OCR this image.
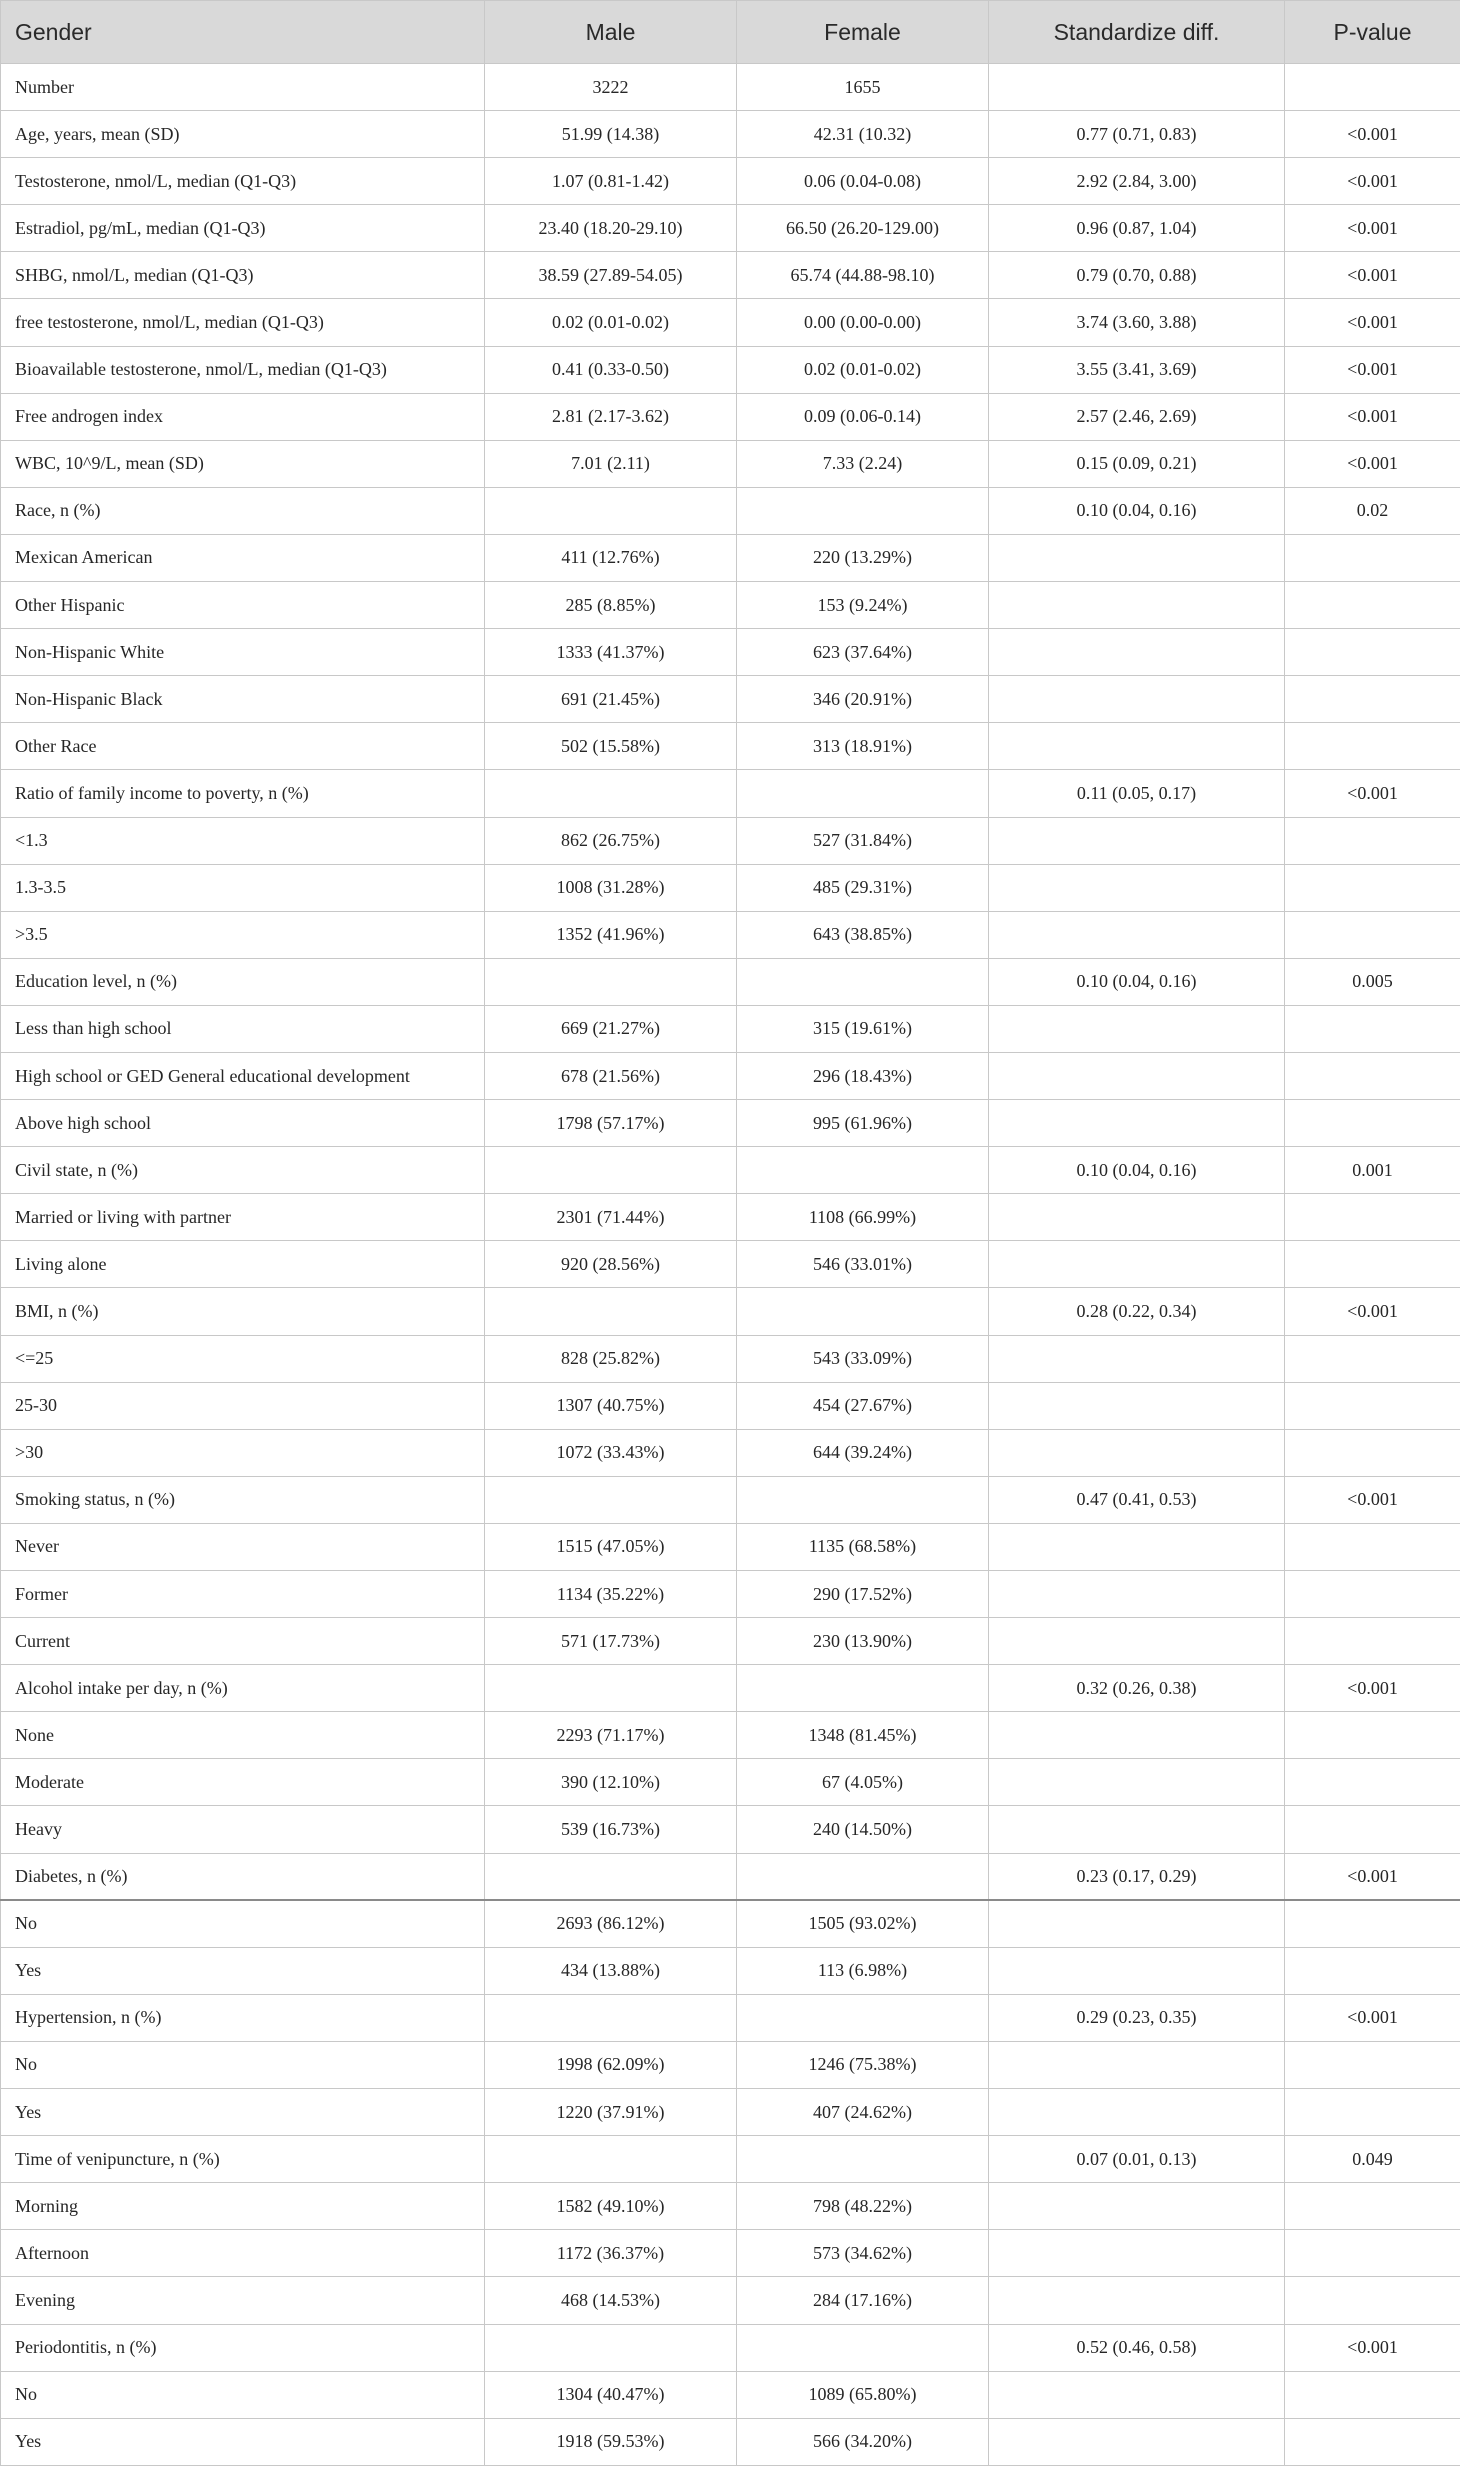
Gender	Male	Female	Standardize diff.	P-value
Number	3222	1655		
Age, years, mean (SD)	51.99 (14.38)	42.31 (10.32)	0.77 (0.71, 0.83)	<0.001
Testosterone, nmol/L, median (Q1-Q3)	1.07 (0.81-1.42)	0.06 (0.04-0.08)	2.92 (2.84, 3.00)	<0.001
Estradiol, pg/mL, median (Q1-Q3)	23.40 (18.20-29.10)	66.50 (26.20-129.00)	0.96 (0.87, 1.04)	<0.001
SHBG, nmol/L, median (Q1-Q3)	38.59 (27.89-54.05)	65.74 (44.88-98.10)	0.79 (0.70, 0.88)	<0.001
free testosterone, nmol/L, median (Q1-Q3)	0.02 (0.01-0.02)	0.00 (0.00-0.00)	3.74 (3.60, 3.88)	<0.001
Bioavailable testosterone, nmol/L, median (Q1-Q3)	0.41 (0.33-0.50)	0.02 (0.01-0.02)	3.55 (3.41, 3.69)	<0.001
Free androgen index	2.81 (2.17-3.62)	0.09 (0.06-0.14)	2.57 (2.46, 2.69)	<0.001
WBC, 10^9/L, mean (SD)	7.01 (2.11)	7.33 (2.24)	0.15 (0.09, 0.21)	<0.001
Race, n (%)			0.10 (0.04, 0.16)	0.02
Mexican American	411 (12.76%)	220 (13.29%)		
Other Hispanic	285 (8.85%)	153 (9.24%)		
Non-Hispanic White	1333 (41.37%)	623 (37.64%)		
Non-Hispanic Black	691 (21.45%)	346 (20.91%)		
Other Race	502 (15.58%)	313 (18.91%)		
Ratio of family income to poverty, n (%)			0.11 (0.05, 0.17)	<0.001
<1.3	862 (26.75%)	527 (31.84%)		
1.3-3.5	1008 (31.28%)	485 (29.31%)		
>3.5	1352 (41.96%)	643 (38.85%)		
Education level, n (%)			0.10 (0.04, 0.16)	0.005
Less than high school	669 (21.27%)	315 (19.61%)		
High school or GED General educational development	678 (21.56%)	296 (18.43%)		
Above high school	1798 (57.17%)	995 (61.96%)		
Civil state, n (%)			0.10 (0.04, 0.16)	0.001
Married or living with partner	2301 (71.44%)	1108 (66.99%)		
Living alone	920 (28.56%)	546 (33.01%)		
BMI, n (%)			0.28 (0.22, 0.34)	<0.001
<=25	828 (25.82%)	543 (33.09%)		
25-30	1307 (40.75%)	454 (27.67%)		
>30	1072 (33.43%)	644 (39.24%)		
Smoking status, n (%)			0.47 (0.41, 0.53)	<0.001
Never	1515 (47.05%)	1135 (68.58%)		
Former	1134 (35.22%)	290 (17.52%)		
Current	571 (17.73%)	230 (13.90%)		
Alcohol intake per day, n (%)			0.32 (0.26, 0.38)	<0.001
None	2293 (71.17%)	1348 (81.45%)		
Moderate	390 (12.10%)	67 (4.05%)		
Heavy	539 (16.73%)	240 (14.50%)		
Diabetes, n (%)			0.23 (0.17, 0.29)	<0.001
No	2693 (86.12%)	1505 (93.02%)		
Yes	434 (13.88%)	113 (6.98%)		
Hypertension, n (%)			0.29 (0.23, 0.35)	<0.001
No	1998 (62.09%)	1246 (75.38%)		
Yes	1220 (37.91%)	407 (24.62%)		
Time of venipuncture, n (%)			0.07 (0.01, 0.13)	0.049
Morning	1582 (49.10%)	798 (48.22%)		
Afternoon	1172 (36.37%)	573 (34.62%)		
Evening	468 (14.53%)	284 (17.16%)		
Periodontitis, n (%)			0.52 (0.46, 0.58)	<0.001
No	1304 (40.47%)	1089 (65.80%)		
Yes	1918 (59.53%)	566 (34.20%)		
